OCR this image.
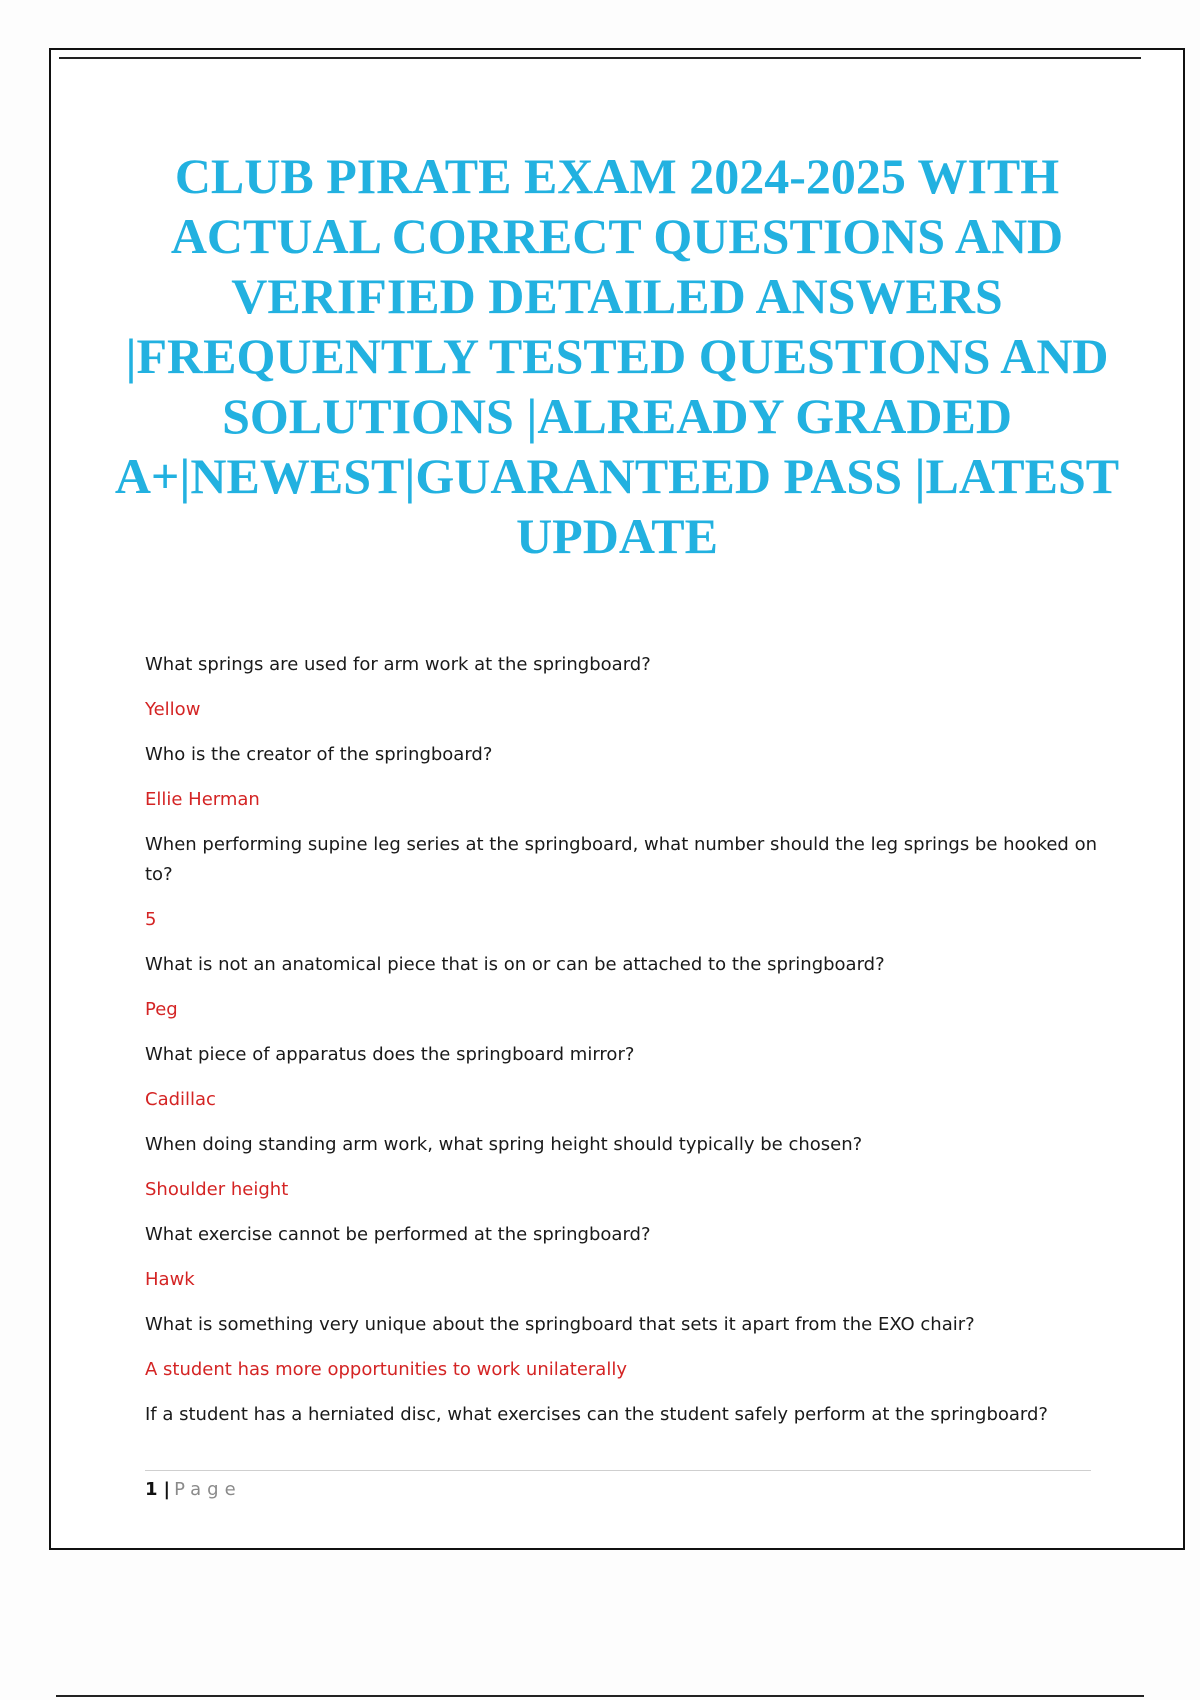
CLUB PIRATE EXAM 2024-2025 WITH ACTUAL CORRECT QUESTIONS AND VERIFIED DETAILED ANSWERS |FREQUENTLY TESTED QUESTIONS AND SOLUTIONS |ALREADY GRADED A+|NEWEST|GUARANTEED PASS |LATEST UPDATE

What springs are used for arm work at the springboard?

Yellow

Who is the creator of the springboard?

Ellie Herman

When performing supine leg series at the springboard, what number should the leg springs be hooked on to?

5

What is not an anatomical piece that is on or can be attached to the springboard?

Peg

What piece of apparatus does the springboard mirror?

Cadillac

When doing standing arm work, what spring height should typically be chosen?

Shoulder height

What exercise cannot be performed at the springboard?

Hawk

What is something very unique about the springboard that sets it apart from the EXO chair?

A student has more opportunities to work unilaterally

If a student has a herniated disc, what exercises can the student safely perform at the springboard?

1 | Page
